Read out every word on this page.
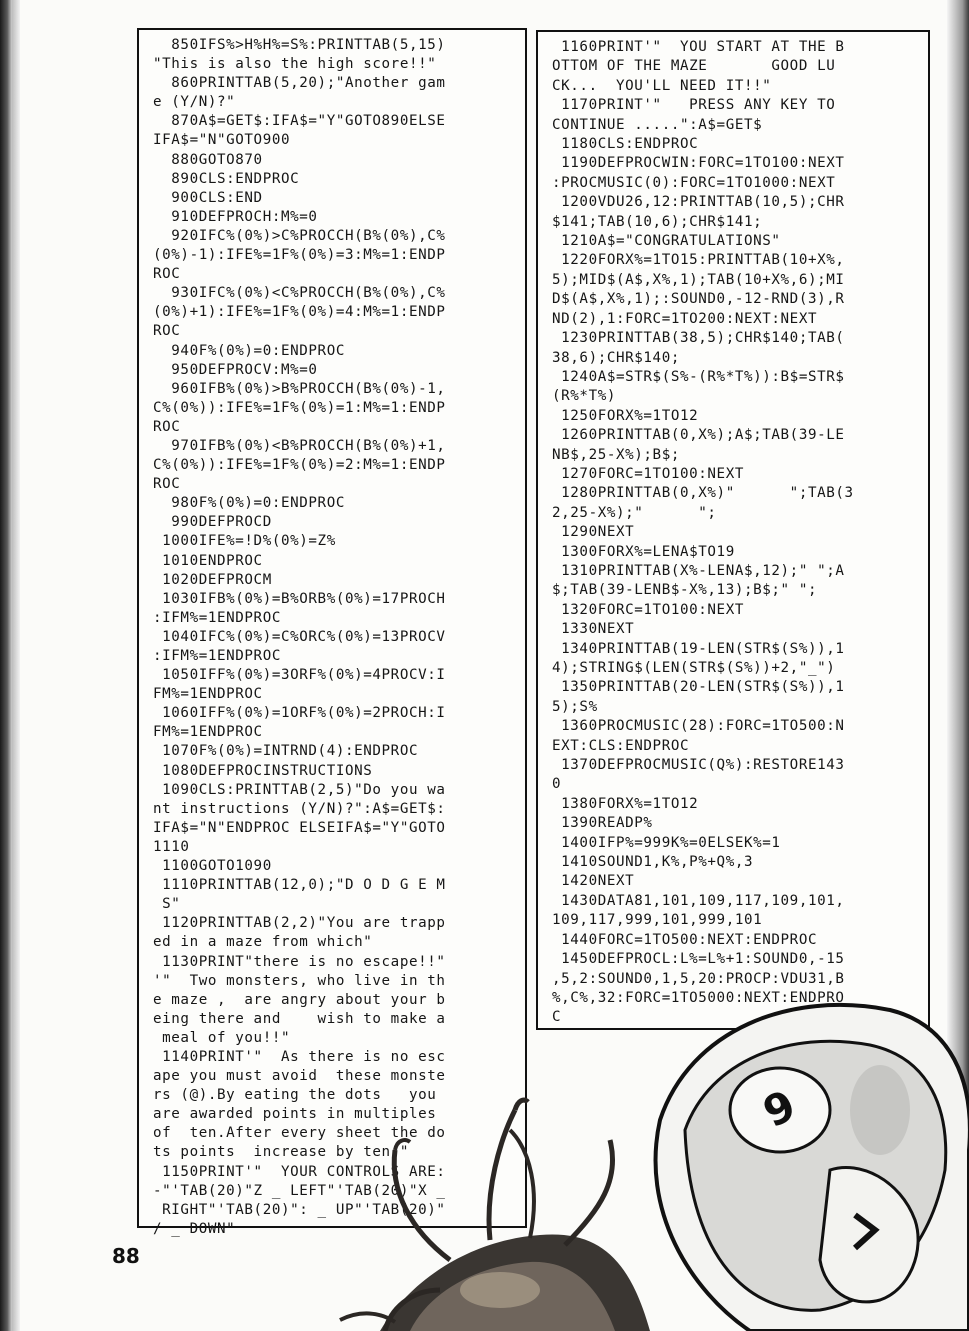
850IFS%>H%H%=S%:PRINTTAB(5,15)
"This is also the high score!!"
860PRINTTAB(5,20);"Another gam
e (Y/N)?"
870A$=GET$:IFA$="Y"GOTO890ELSE
IFA$="N"GOTO900
880GOTO870
890CLS:ENDPROC
900CLS:END
910DEFPROCH:M%=0
920IFC%(0%)>C%PROCCH(B%(0%),C%
(0%)-1):IFE%=1F%(0%)=3:M%=1:ENDP
ROC
930IFC%(0%)<C%PROCCH(B%(0%),C%
(0%)+1):IFE%=1F%(0%)=4:M%=1:ENDP
ROC
940F%(0%)=0:ENDPROC
950DEFPROCV:M%=0
960IFB%(0%)>B%PROCCH(B%(0%)-1,
C%(0%)):IFE%=1F%(0%)=1:M%=1:ENDP
ROC
970IFB%(0%)<B%PROCCH(B%(0%)+1,
C%(0%)):IFE%=1F%(0%)=2:M%=1:ENDP
ROC
980F%(0%)=0:ENDPROC
990DEFPROCD
1000IFE%=!D%(0%)=Z%
1010ENDPROC
1020DEFPROCM
1030IFB%(0%)=B%ORB%(0%)=17PROCH
:IFM%=1ENDPROC
1040IFC%(0%)=C%ORC%(0%)=13PROCV
:IFM%=1ENDPROC
1050IFF%(0%)=3ORF%(0%)=4PROCV:I
FM%=1ENDPROC
1060IFF%(0%)=1ORF%(0%)=2PROCH:I
FM%=1ENDPROC
1070F%(0%)=INTRND(4):ENDPROC
1080DEFPROCINSTRUCTIONS
1090CLS:PRINTTAB(2,5)"Do you wa
nt instructions (Y/N)?":A$=GET$:
IFA$="N"ENDPROC ELSEIFA$="Y"GOTO
1110
1100GOTO1090
1110PRINTTAB(12,0);"D O D G E M
S"
1120PRINTTAB(2,2)"You are trapp
ed in a maze from which"
1130PRINT"there is no escape!!"
'"  Two monsters, who live in th
e maze ,  are angry about your b
eing there and    wish to make a
meal of you!!"
1140PRINT'"  As there is no esc
ape you must avoid  these monste
rs (@).By eating the dots   you
are awarded points in multiples
of  ten.After every sheet the do
ts points  increase by ten."
1150PRINT'"  YOUR CONTROLS ARE:
-"'TAB(20)"Z _ LEFT"'TAB(20)"X _
RIGHT"'TAB(20)": _ UP"'TAB(20)"
/ _ DOWN"
1160PRINT'"  YOU START AT THE B
OTTOM OF THE MAZE       GOOD LU
CK...  YOU'LL NEED IT!!"
1170PRINT'"   PRESS ANY KEY TO
CONTINUE .....":A$=GET$
1180CLS:ENDPROC
1190DEFPROCWIN:FORC=1TO100:NEXT
:PROCMUSIC(0):FORC=1TO1000:NEXT
1200VDU26,12:PRINTTAB(10,5);CHR
$141;TAB(10,6);CHR$141;
1210A$="CONGRATULATIONS"
1220FORX%=1TO15:PRINTTAB(10+X%,
5);MID$(A$,X%,1);TAB(10+X%,6);MI
D$(A$,X%,1);:SOUND0,-12-RND(3),R
ND(2),1:FORC=1TO200:NEXT:NEXT
1230PRINTTAB(38,5);CHR$140;TAB(
38,6);CHR$140;
1240A$=STR$(S%-(R%*T%)):B$=STR$
(R%*T%)
1250FORX%=1TO12
1260PRINTTAB(0,X%);A$;TAB(39-LE
NB$,25-X%);B$;
1270FORC=1TO100:NEXT
1280PRINTTAB(0,X%)"      ";TAB(3
2,25-X%);"      ";
1290NEXT
1300FORX%=LENA$TO19
1310PRINTTAB(X%-LENA$,12);" ";A
$;TAB(39-LENB$-X%,13);B$;" ";
1320FORC=1TO100:NEXT
1330NEXT
1340PRINTTAB(19-LEN(STR$(S%)),1
4);STRING$(LEN(STR$(S%))+2,"_")
1350PRINTTAB(20-LEN(STR$(S%)),1
5);S%
1360PROCMUSIC(28):FORC=1TO500:N
EXT:CLS:ENDPROC
1370DEFPROCMUSIC(Q%):RESTORE143
0
1380FORX%=1TO12
1390READP%
1400IFP%=999K%=0ELSEK%=1
1410SOUND1,K%,P%+Q%,3
1420NEXT
1430DATA81,101,109,117,109,101,
109,117,999,101,999,101
1440FORC=1TO500:NEXT:ENDPROC
1450DEFPROCL:L%=L%+1:SOUND0,-15
,5,2:SOUND0,1,5,20:PROCP:VDU31,B
%,C%,32:FORC=1TO5000:NEXT:ENDPRO
C
88
9
